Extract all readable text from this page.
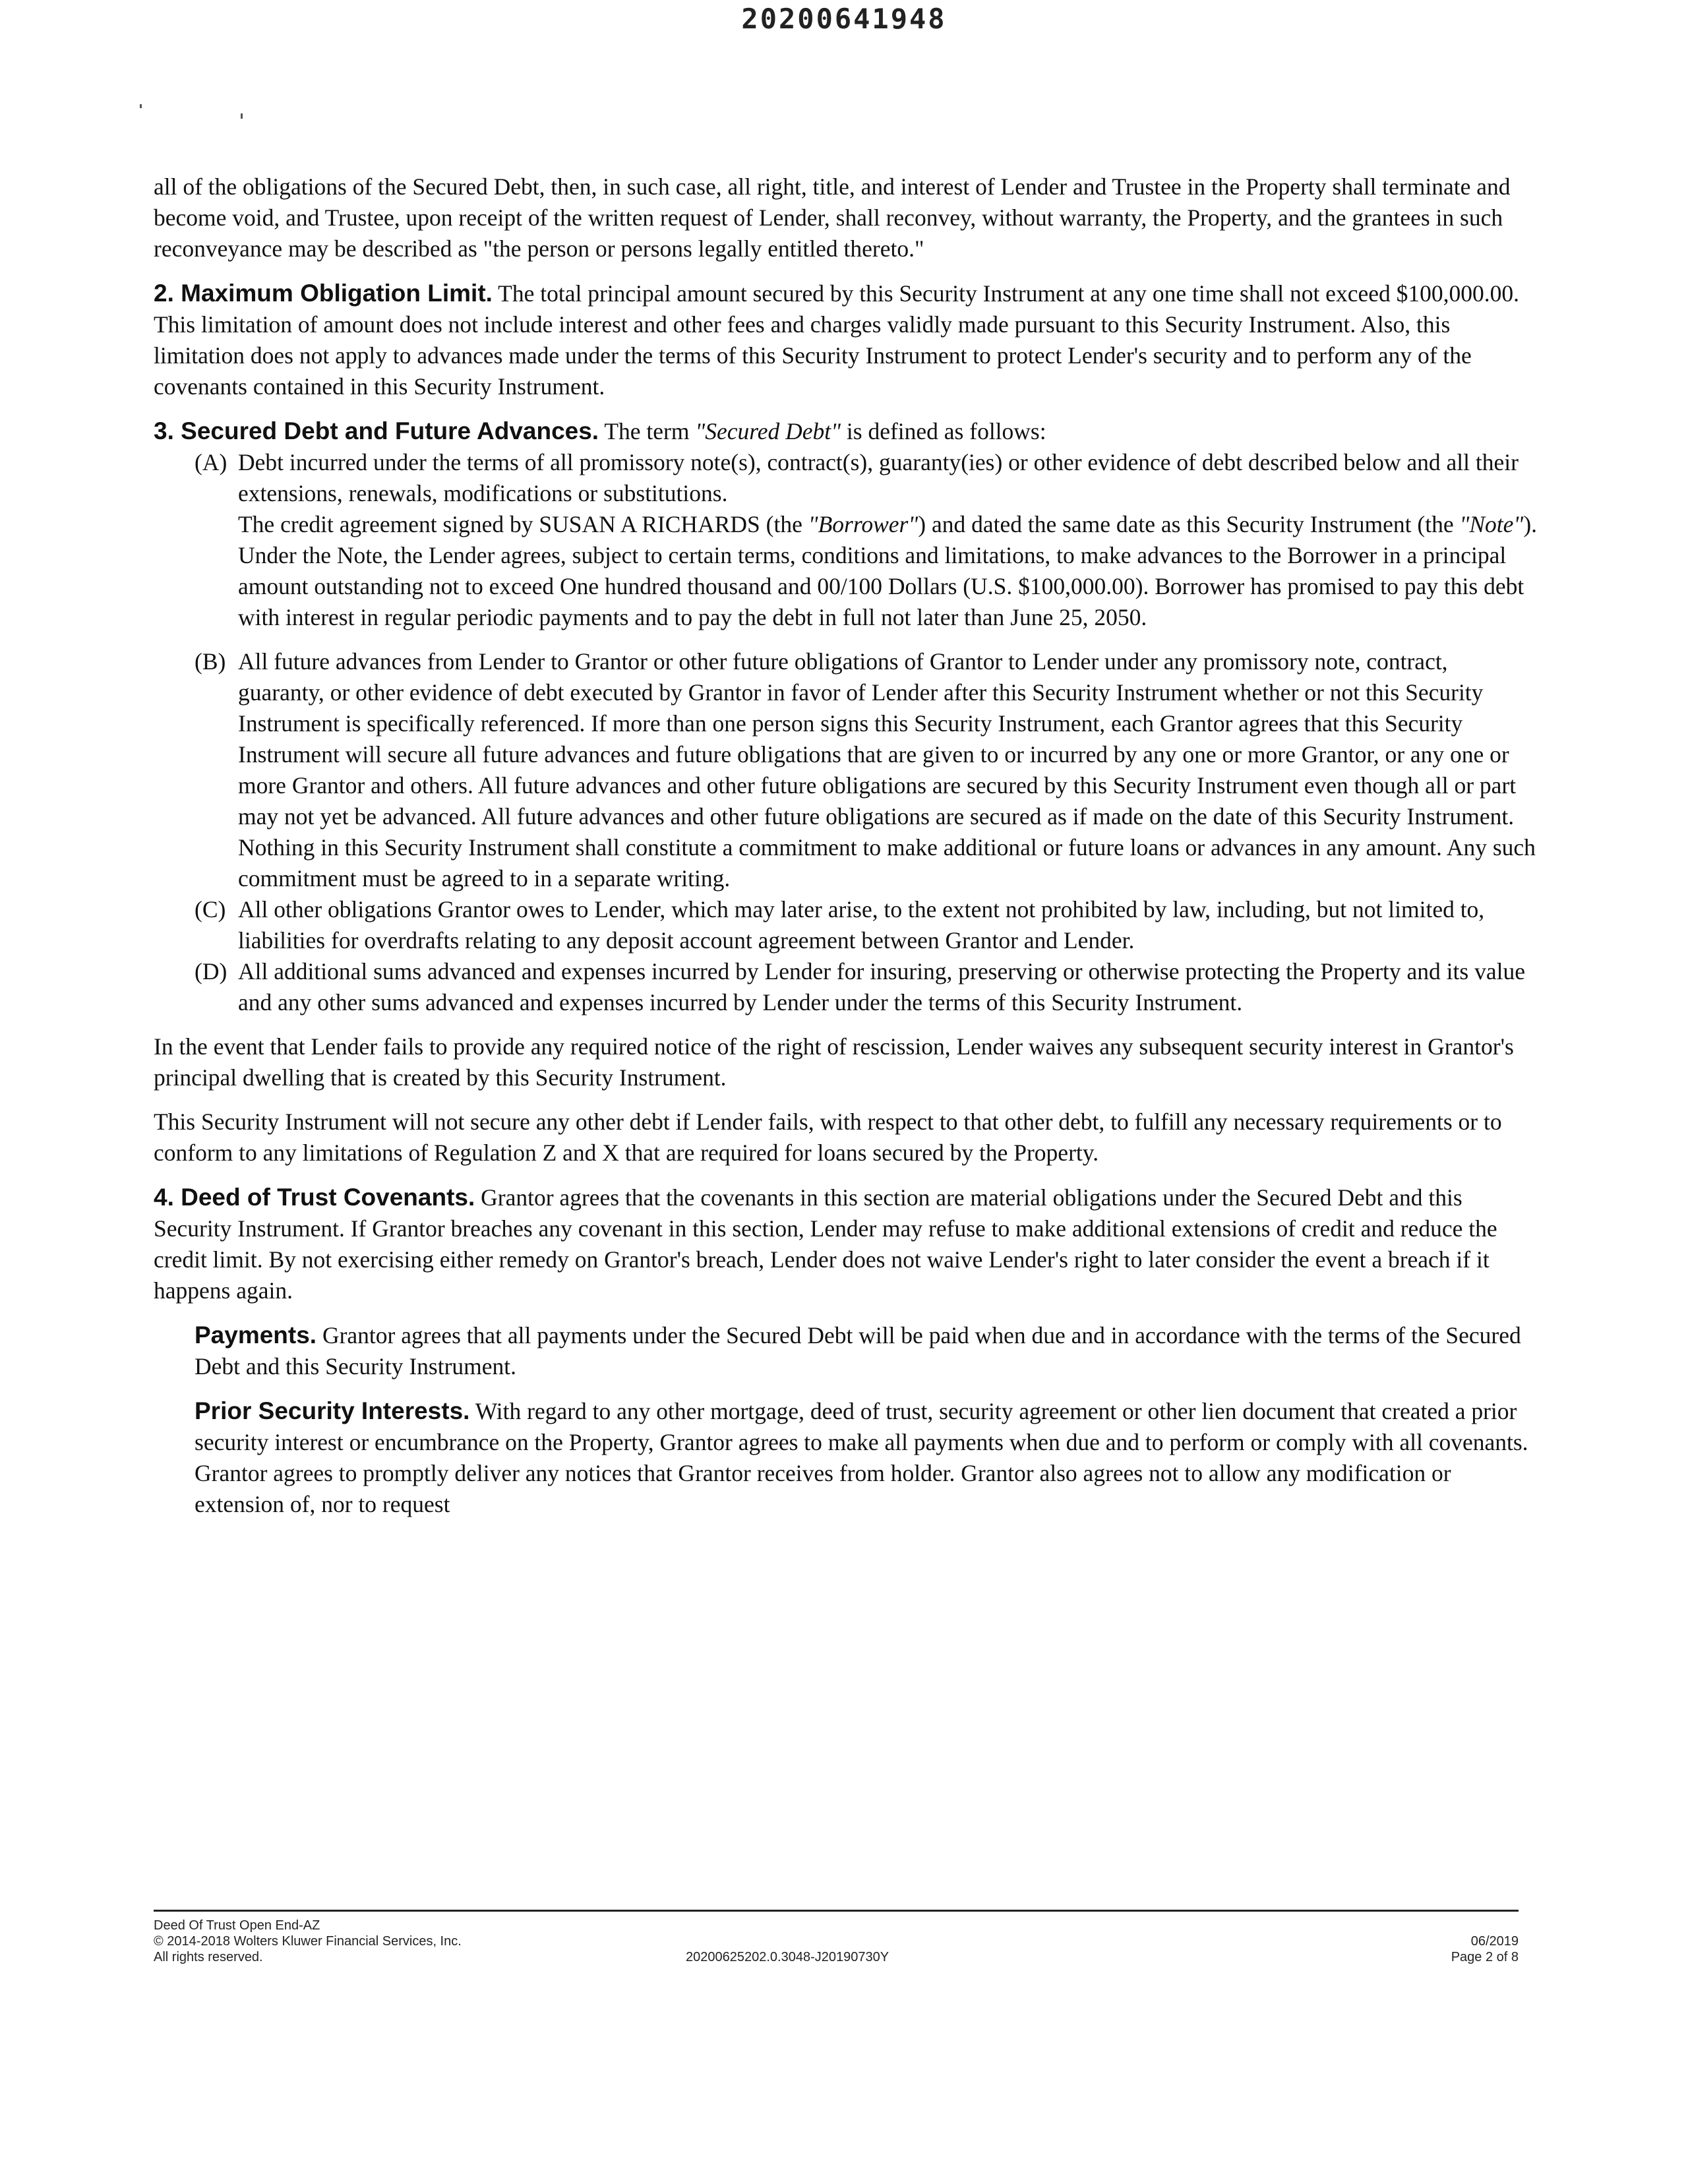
20200641948

all of the obligations of the Secured Debt, then, in such case, all right, title, and interest of Lender and Trustee in the Property shall terminate and become void, and Trustee, upon receipt of the written request of Lender, shall reconvey, without warranty, the Property, and the grantees in such reconveyance may be described as "the person or persons legally entitled thereto."

2. Maximum Obligation Limit. The total principal amount secured by this Security Instrument at any one time shall not exceed $100,000.00. This limitation of amount does not include interest and other fees and charges validly made pursuant to this Security Instrument. Also, this limitation does not apply to advances made under the terms of this Security Instrument to protect Lender's security and to perform any of the covenants contained in this Security Instrument.

3. Secured Debt and Future Advances. The term "Secured Debt" is defined as follows:

(A) Debt incurred under the terms of all promissory note(s), contract(s), guaranty(ies) or other evidence of debt described below and all their extensions, renewals, modifications or substitutions.

The credit agreement signed by SUSAN A RICHARDS (the "Borrower") and dated the same date as this Security Instrument (the "Note"). Under the Note, the Lender agrees, subject to certain terms, conditions and limitations, to make advances to the Borrower in a principal amount outstanding not to exceed One hundred thousand and 00/100 Dollars (U.S. $100,000.00). Borrower has promised to pay this debt with interest in regular periodic payments and to pay the debt in full not later than June 25, 2050.

(B) All future advances from Lender to Grantor or other future obligations of Grantor to Lender under any promissory note, contract, guaranty, or other evidence of debt executed by Grantor in favor of Lender after this Security Instrument whether or not this Security Instrument is specifically referenced. If more than one person signs this Security Instrument, each Grantor agrees that this Security Instrument will secure all future advances and future obligations that are given to or incurred by any one or more Grantor, or any one or more Grantor and others. All future advances and other future obligations are secured by this Security Instrument even though all or part may not yet be advanced. All future advances and other future obligations are secured as if made on the date of this Security Instrument. Nothing in this Security Instrument shall constitute a commitment to make additional or future loans or advances in any amount. Any such commitment must be agreed to in a separate writing.
(C) All other obligations Grantor owes to Lender, which may later arise, to the extent not prohibited by law, including, but not limited to, liabilities for overdrafts relating to any deposit account agreement between Grantor and Lender.
(D) All additional sums advanced and expenses incurred by Lender for insuring, preserving or otherwise protecting the Property and its value and any other sums advanced and expenses incurred by Lender under the terms of this Security Instrument.

In the event that Lender fails to provide any required notice of the right of rescission, Lender waives any subsequent security interest in Grantor's principal dwelling that is created by this Security Instrument.

This Security Instrument will not secure any other debt if Lender fails, with respect to that other debt, to fulfill any necessary requirements or to conform to any limitations of Regulation Z and X that are required for loans secured by the Property.

4. Deed of Trust Covenants. Grantor agrees that the covenants in this section are material obligations under the Secured Debt and this Security Instrument. If Grantor breaches any covenant in this section, Lender may refuse to make additional extensions of credit and reduce the credit limit. By not exercising either remedy on Grantor's breach, Lender does not waive Lender's right to later consider the event a breach if it happens again.

Payments. Grantor agrees that all payments under the Secured Debt will be paid when due and in accordance with the terms of the Secured Debt and this Security Instrument.

Prior Security Interests. With regard to any other mortgage, deed of trust, security agreement or other lien document that created a prior security interest or encumbrance on the Property, Grantor agrees to make all payments when due and to perform or comply with all covenants. Grantor agrees to promptly deliver any notices that Grantor receives from holder. Grantor also agrees not to allow any modification or extension of, nor to request

Deed Of Trust Open End-AZ
© 2014-2018 Wolters Kluwer Financial Services, Inc.
All rights reserved.	20200625202.0.3048-J20190730Y
06/2019
Page 2 of 8
